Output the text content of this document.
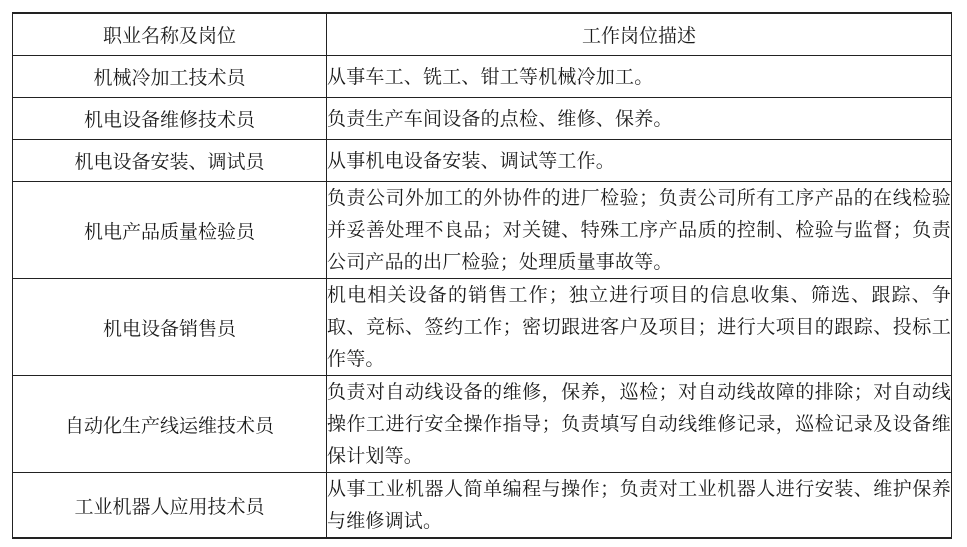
职业名称及岗位	工作岗位描述
机械冷加工技术员	从事车工、铣工、钳工等机械冷加工。
机电设备维修技术员	负责生产车间设备的点检、维修、保养。
机电设备安装、调试员	从事机电设备安装、调试等工作。
机电产品质量检验员	负责公司外加工的外协件的进厂检验；负责公司所有工序产品的在线检验并妥善处理不良品；对关键、特殊工序产品质的控制、检验与监督；负责公司产品的出厂检验；处理质量事故等。
机电设备销售员	机电相关设备的销售工作；独立进行项目的信息收集、筛选、跟踪、争取、竞标、签约工作；密切跟进客户及项目；进行大项目的跟踪、投标工作等。
自动化生产线运维技术员	负责对自动线设备的维修，保养，巡检；对自动线故障的排除；对自动线操作工进行安全操作指导；负责填写自动线维修记录，巡检记录及设备维保计划等。
工业机器人应用技术员	从事工业机器人简单编程与操作；负责对工业机器人进行安装、维护保养与维修调试。
